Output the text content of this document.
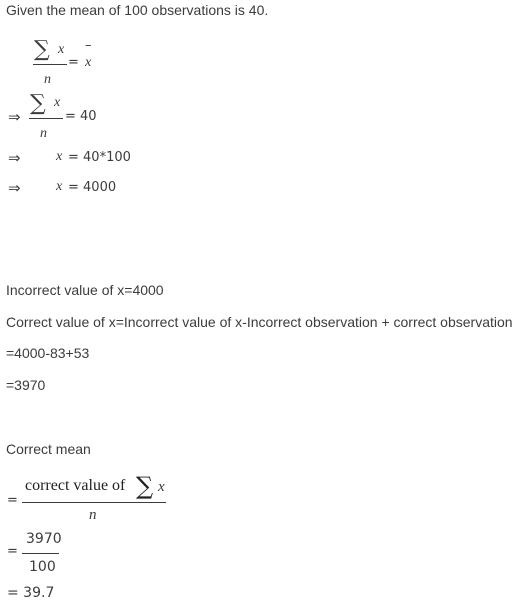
Given the mean of 100 observations is 40.
∑ x
n
=
–
x
⇒
∑ x
n
= 40
⇒	x = 40*100
⇒	x = 4000
Incorrect value of x=4000
Correct value of x=Incorrect value of x-Incorrect observation + correct observation
=4000-83+53
=3970
Correct mean
=
correct value of ∑ x
n
=
3970
100
= 39.7
